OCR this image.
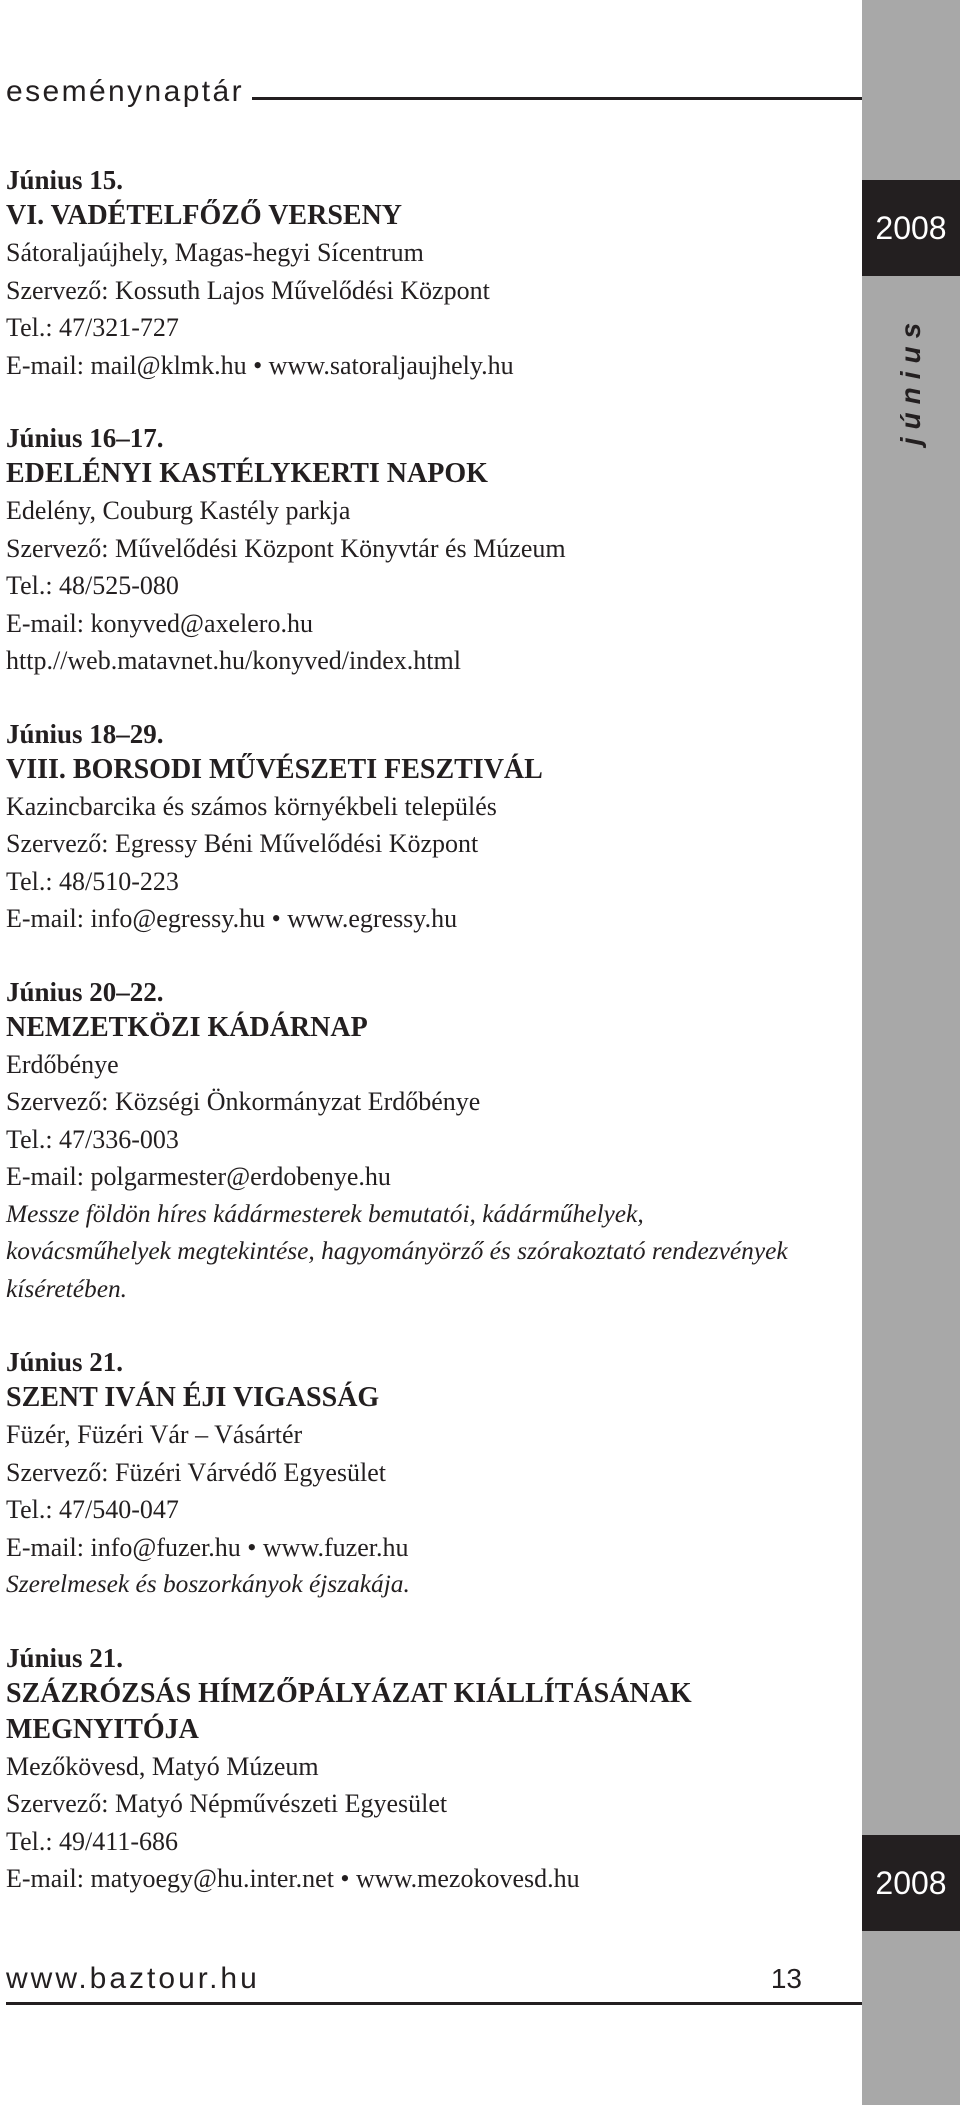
2008
június
2008
eseménynaptár
Június 15.
VI. VADÉTELFŐZŐ VERSENY
Sátoraljaújhely, Magas-hegyi Sícentrum
Szervező: Kossuth Lajos Művelődési Központ
Tel.: 47/321-727
E-mail: mail@klmk.hu • www.satoraljaujhely.hu
Június 16–17.
EDELÉNYI KASTÉLYKERTI NAPOK
Edelény, Couburg Kastély parkja
Szervező: Művelődési Központ Könyvtár és Múzeum
Tel.: 48/525-080
E-mail: konyved@axelero.hu
http.//web.matavnet.hu/konyved/index.html
Június 18–29.
VIII. BORSODI MŰVÉSZETI FESZTIVÁL
Kazincbarcika és számos környékbeli település
Szervező: Egressy Béni Művelődési Központ
Tel.: 48/510-223
E-mail: info@egressy.hu • www.egressy.hu
Június 20–22.
NEMZETKÖZI KÁDÁRNAP
Erdőbénye
Szervező: Községi Önkormányzat Erdőbénye
Tel.: 47/336-003
E-mail: polgarmester@erdobenye.hu
Messze földön híres kádármesterek bemutatói, kádárműhelyek, kovácsműhelyek megtekintése, hagyományörző és szórakoztató rendezvények kíséretében.
Június 21.
SZENT IVÁN ÉJI VIGASSÁG
Füzér, Füzéri Vár – Vásártér
Szervező: Füzéri Várvédő Egyesület
Tel.: 47/540-047
E-mail: info@fuzer.hu • www.fuzer.hu
Szerelmesek és boszorkányok éjszakája.
Június 21.
SZÁZRÓZSÁS HÍMZŐPÁLYÁZAT KIÁLLÍTÁSÁNAK MEGNYITÓJA
Mezőkövesd, Matyó Múzeum
Szervező: Matyó Népművészeti Egyesület
Tel.: 49/411-686
E-mail: matyoegy@hu.inter.net • www.mezokovesd.hu
www.baztour.hu	13
